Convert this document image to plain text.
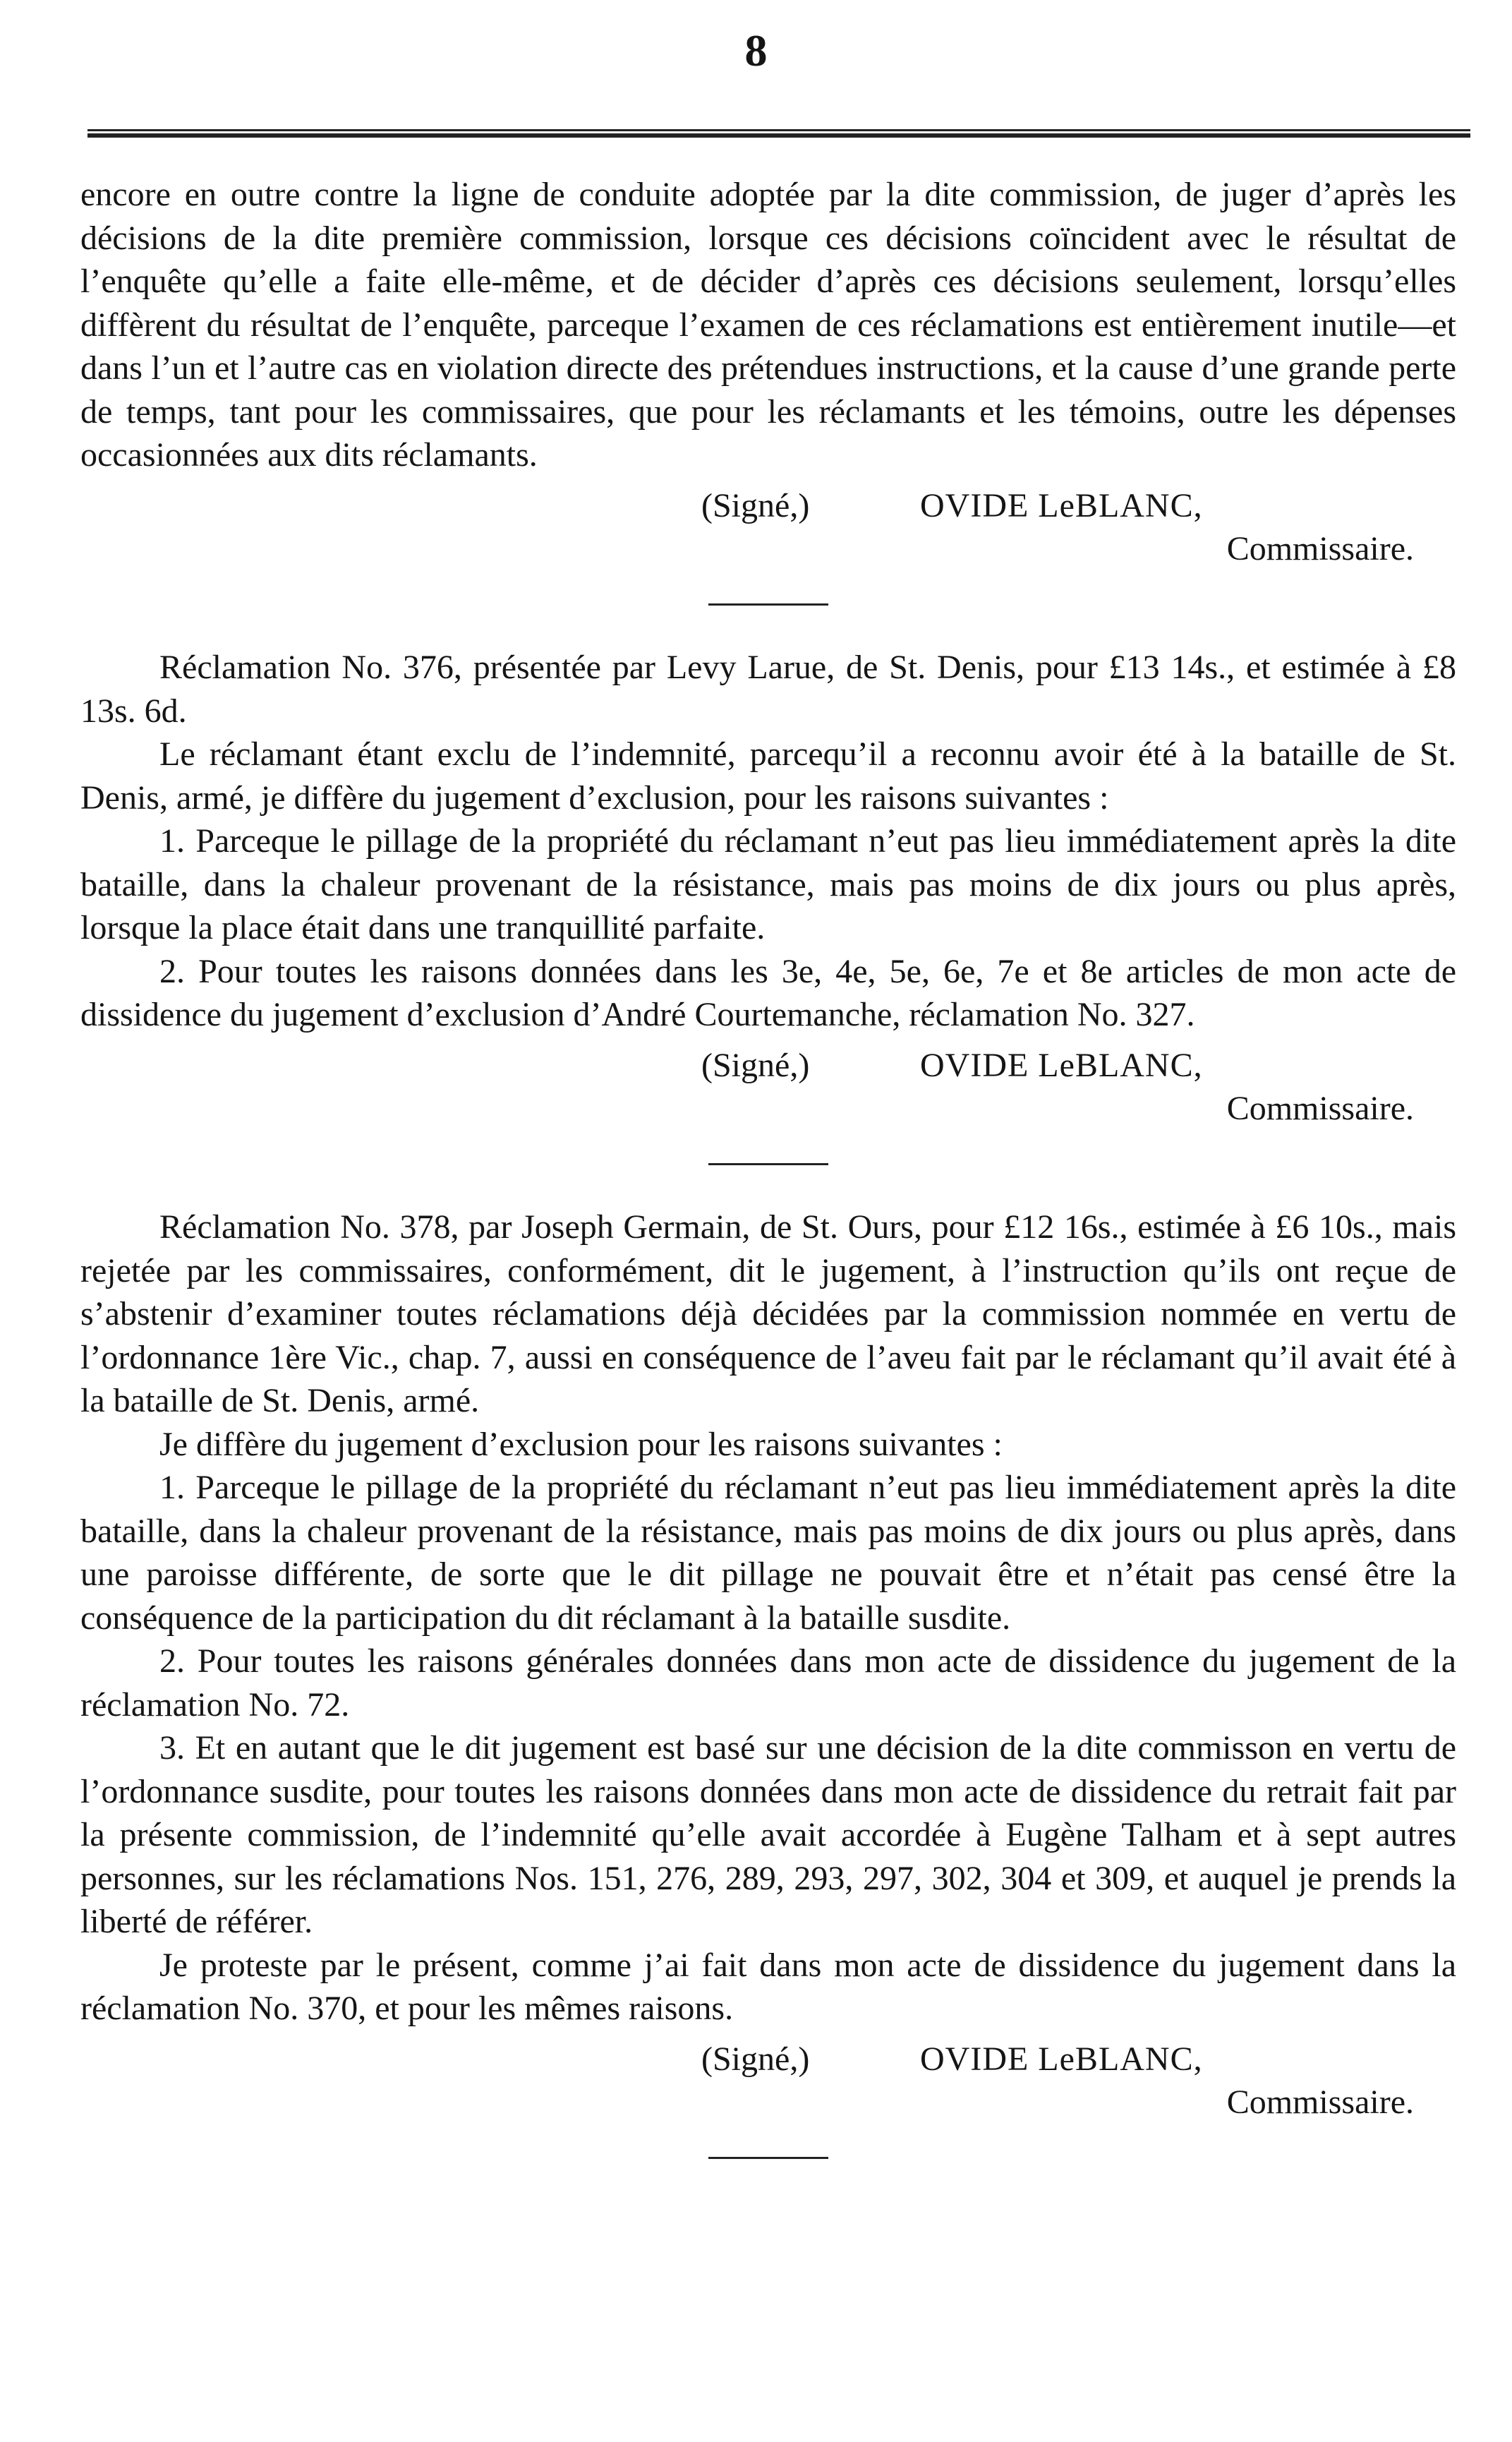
8

encore en outre contre la ligne de conduite adoptée par la dite commission, de juger d’après les décisions de la dite première commission, lorsque ces décisions coïncident avec le résultat de l’enquête qu’elle a faite elle-même, et de décider d’après ces décisions seulement, lorsqu’elles diffèrent du résultat de l’enquête, parceque l’examen de ces réclamations est entièrement inutile—et dans l’un et l’autre cas en violation directe des prétendues instructions, et la cause d’une grande perte de temps, tant pour les commissaires, que pour les réclamants et les témoins, outre les dépenses occasionnées aux dits réclamants.

(Signé,)	OVIDE LeBLANC,

Commissaire.

Réclamation No. 376, présentée par Levy Larue, de St. Denis, pour £13 14s., et estimée à £8 13s. 6d.

Le réclamant étant exclu de l’indemnité, parcequ’il a reconnu avoir été à la bataille de St. Denis, armé, je diffère du jugement d’exclusion, pour les raisons suivantes :

1. Parceque le pillage de la propriété du réclamant n’eut pas lieu immédiatement après la dite bataille, dans la chaleur provenant de la résistance, mais pas moins de dix jours ou plus après, lorsque la place était dans une tranquillité parfaite.

2. Pour toutes les raisons données dans les 3e, 4e, 5e, 6e, 7e et 8e articles de mon acte de dissidence du jugement d’exclusion d’André Courtemanche, réclamation No. 327.

(Signé,)	OVIDE LeBLANC,

Commissaire.

Réclamation No. 378, par Joseph Germain, de St. Ours, pour £12 16s., estimée à £6 10s., mais rejetée par les commissaires, conformément, dit le jugement, à l’instruction qu’ils ont reçue de s’abstenir d’examiner toutes réclamations déjà décidées par la commission nommée en vertu de l’ordonnance 1ère Vic., chap. 7, aussi en conséquence de l’aveu fait par le réclamant qu’il avait été à la bataille de St. Denis, armé.

Je diffère du jugement d’exclusion pour les raisons suivantes :

1. Parceque le pillage de la propriété du réclamant n’eut pas lieu immédiatement après la dite bataille, dans la chaleur provenant de la résistance, mais pas moins de dix jours ou plus après, dans une paroisse différente, de sorte que le dit pillage ne pouvait être et n’était pas censé être la conséquence de la participation du dit réclamant à la bataille susdite.

2. Pour toutes les raisons générales données dans mon acte de dissidence du jugement de la réclamation No. 72.

3. Et en autant que le dit jugement est basé sur une décision de la dite commisson en vertu de l’ordonnance susdite, pour toutes les raisons données dans mon acte de dissidence du retrait fait par la présente commission, de l’indemnité qu’elle avait accordée à Eugène Talham et à sept autres personnes, sur les réclamations Nos. 151, 276, 289, 293, 297, 302, 304 et 309, et auquel je prends la liberté de référer.

Je proteste par le présent, comme j’ai fait dans mon acte de dissidence du jugement dans la réclamation No. 370, et pour les mêmes raisons.

(Signé,)	OVIDE LeBLANC,

Commissaire.
